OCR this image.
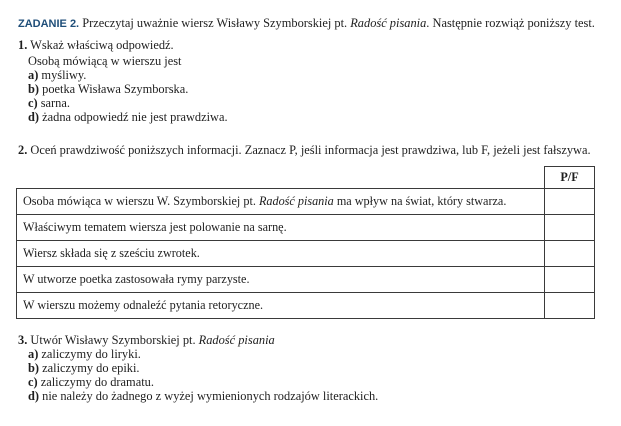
ZADANIE 2. Przeczytaj uważnie wiersz Wisławy Szymborskiej pt. Radość pisania. Następnie rozwiąż poniższy test.
1. Wskaż właściwą odpowiedź.
Osobą mówiącą w wierszu jest
a) myśliwy.
b) poetka Wisława Szymborska.
c) sarna.
d) żadna odpowiedź nie jest prawdziwa.
2. Oceń prawdziwość poniższych informacji. Zaznacz P, jeśli informacja jest prawdziwa, lub F, jeżeli jest fałszywa.
	P/F
Osoba mówiąca w wierszu W. Szymborskiej pt. Radość pisania ma wpływ na świat, który stwarza.	
Właściwym tematem wiersza jest polowanie na sarnę.	
Wiersz składa się z sześciu zwrotek.	
W utworze poetka zastosowała rymy parzyste.	
W wierszu możemy odnaleźć pytania retoryczne.	
3. Utwór Wisławy Szymborskiej pt. Radość pisania
a) zaliczymy do liryki.
b) zaliczymy do epiki.
c) zaliczymy do dramatu.
d) nie należy do żadnego z wyżej wymienionych rodzajów literackich.
